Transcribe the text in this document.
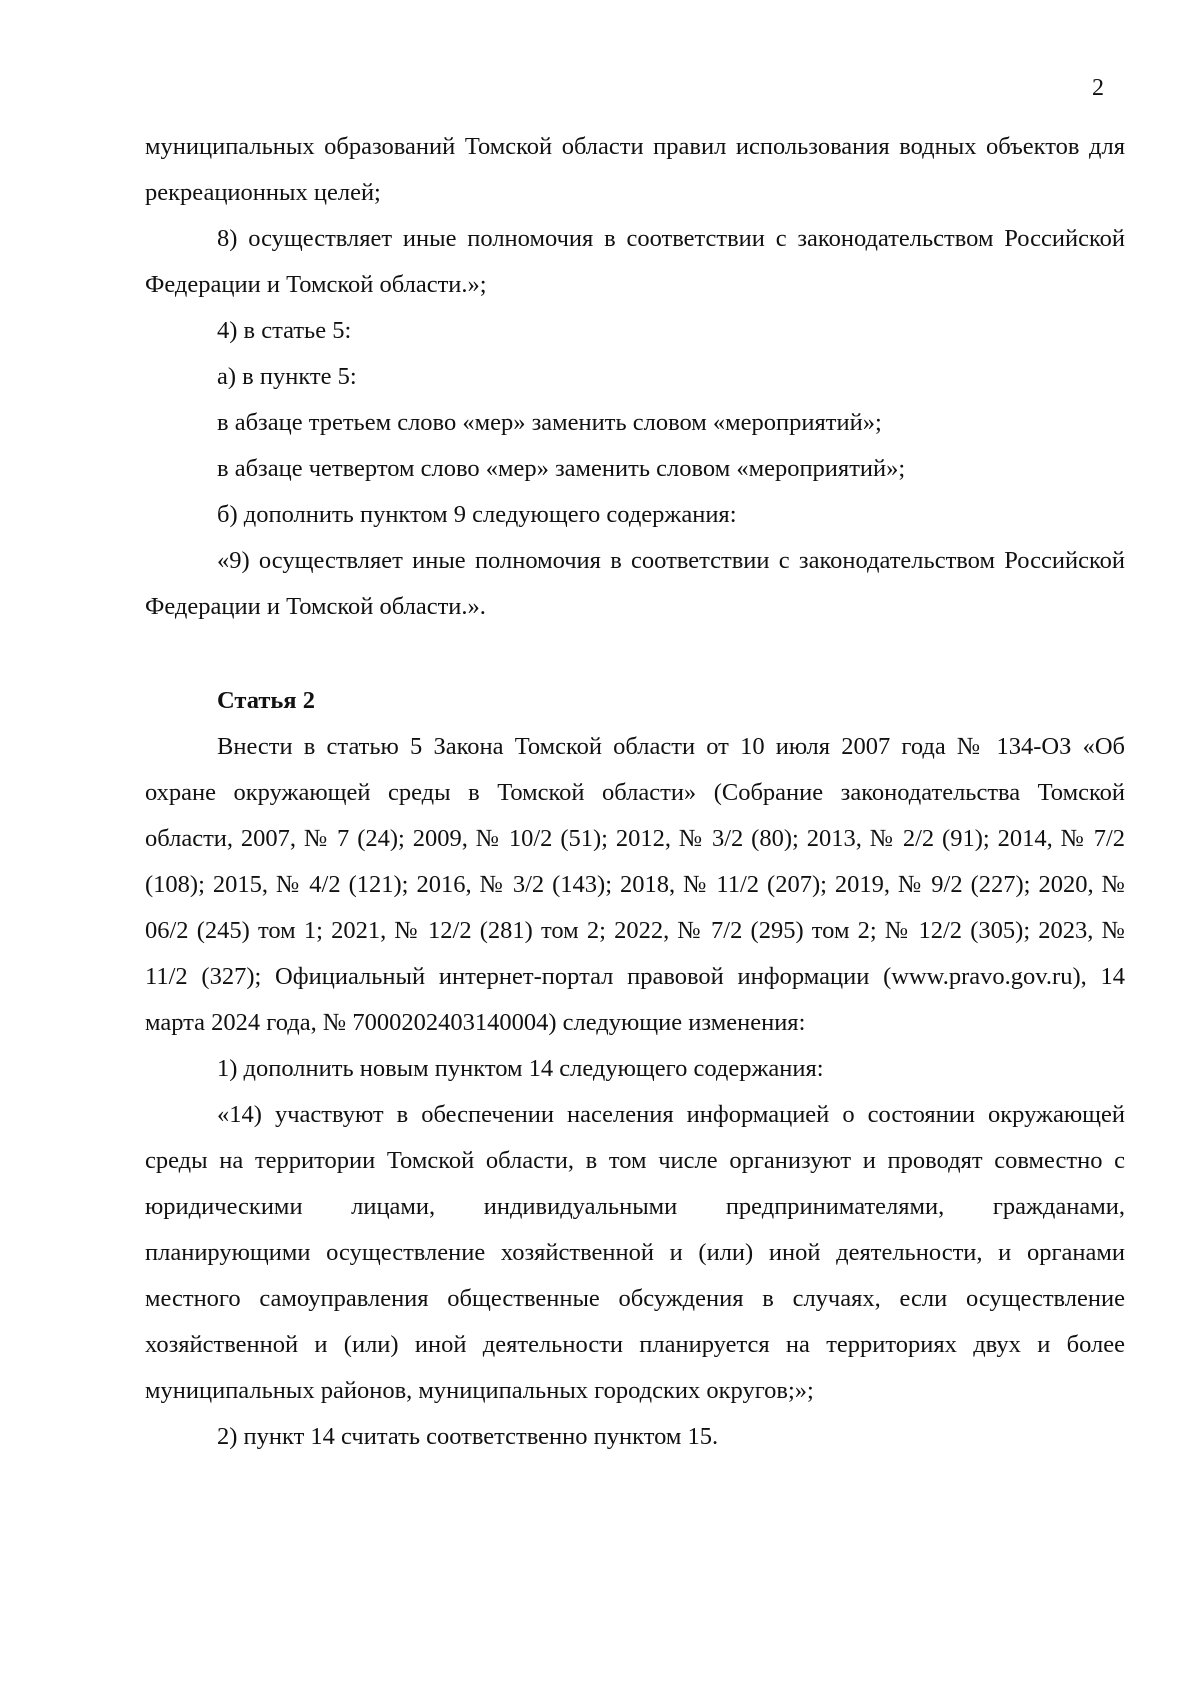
2

муниципальных образований Томской области правил использования водных объектов для рекреационных целей;

8) осуществляет иные полномочия в соответствии с законодательством Российской Федерации и Томской области.»;

4) в статье 5:

а) в пункте 5:

в абзаце третьем слово «мер» заменить словом «мероприятий»;

в абзаце четвертом слово «мер» заменить словом «мероприятий»;

б) дополнить пунктом 9 следующего содержания:

«9) осуществляет иные полномочия в соответствии с законодательством Российской Федерации и Томской области.».

Статья 2

Внести в статью 5 Закона Томской области от 10 июля 2007 года № 134-ОЗ «Об охране окружающей среды в Томской области» (Собрание законодательства Томской области, 2007, № 7 (24); 2009, № 10/2 (51); 2012, № 3/2 (80); 2013, № 2/2 (91); 2014, № 7/2 (108); 2015, № 4/2 (121); 2016, № 3/2 (143); 2018, № 11/2 (207); 2019, № 9/2 (227); 2020, № 06/2 (245) том 1; 2021, № 12/2 (281) том 2; 2022, № 7/2 (295) том 2; № 12/2 (305); 2023, № 11/2 (327); Официальный интернет-портал правовой информации (www.pravo.gov.ru), 14 марта 2024 года, № 7000202403140004) следующие изменения:

1) дополнить новым пунктом 14 следующего содержания:

«14) участвуют в обеспечении населения информацией о состоянии окружающей среды на территории Томской области, в том числе организуют и проводят совместно с юридическими лицами, индивидуальными предпринимателями, гражданами, планирующими осуществление хозяйственной и (или) иной деятельности, и органами местного самоуправления общественные обсуждения в случаях, если осуществление хозяйственной и (или) иной деятельности планируется на территориях двух и более муниципальных районов, муниципальных городских округов;»;

2) пункт 14 считать соответственно пунктом 15.
